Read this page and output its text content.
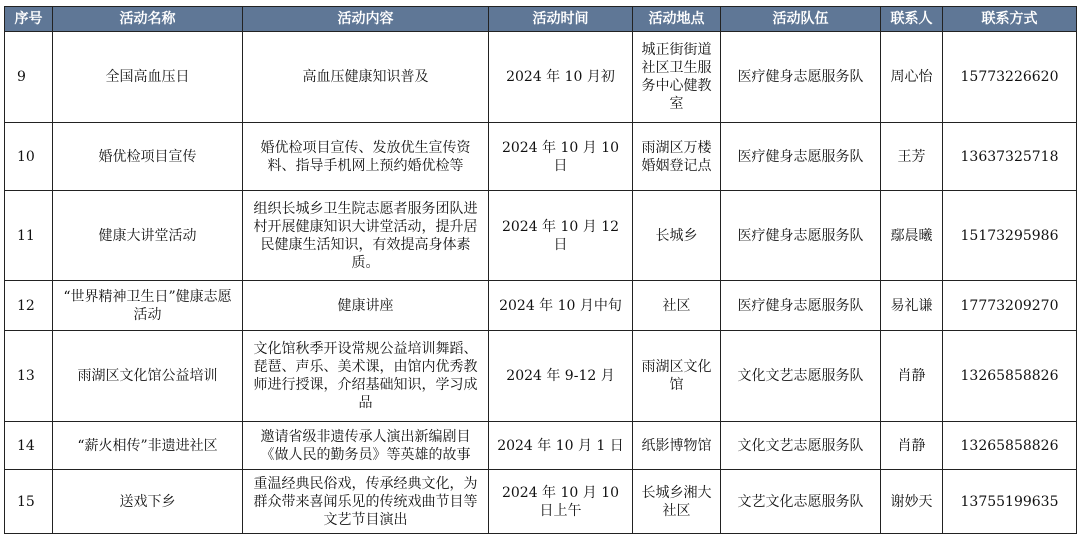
序号	活动名称	活动内容	活动时间	活动地点	活动队伍	联系人	联系方式
9	全国高血压日	高血压健康知识普及	2024 年 10 月初	城正街街道社区卫生服务中心健教室	医疗健身志愿服务队	周心怡	15773226620
10	婚优检项目宣传	婚优检项目宣传、发放优生宣传资料、指导手机网上预约婚优检等	2024 年 10 月 10 日	雨湖区万楼婚姻登记点	医疗健身志愿服务队	王芳	13637325718
11	健康大讲堂活动	组织长城乡卫生院志愿者服务团队进村开展健康知识大讲堂活动，提升居民健康生活知识，有效提高身体素质。	2024 年 10 月 12 日	长城乡	医疗健身志愿服务队	鄢晨曦	15173295986
12	“世界精神卫生日”健康志愿活动	健康讲座	2024 年 10 月中旬	社区	医疗健身志愿服务队	易礼谦	17773209270
13	雨湖区文化馆公益培训	文化馆秋季开设常规公益培训舞蹈、琵琶、声乐、美术课，由馆内优秀教师进行授课，介绍基础知识，学习成品	2024 年 9-12 月	雨湖区文化馆	文化文艺志愿服务队	肖静	13265858826
14	“薪火相传”非遗进社区	邀请省级非遗传承人演出新编剧目《做人民的勤务员》等英雄的故事	2024 年 10 月 1 日	纸影博物馆	文化文艺志愿服务队	肖静	13265858826
15	送戏下乡	重温经典民俗戏，传承经典文化，为群众带来喜闻乐见的传统戏曲节目等文艺节目演出	2024 年 10 月 10 日上午	长城乡湘大社区	文艺文化志愿服务队	谢妙天	13755199635
